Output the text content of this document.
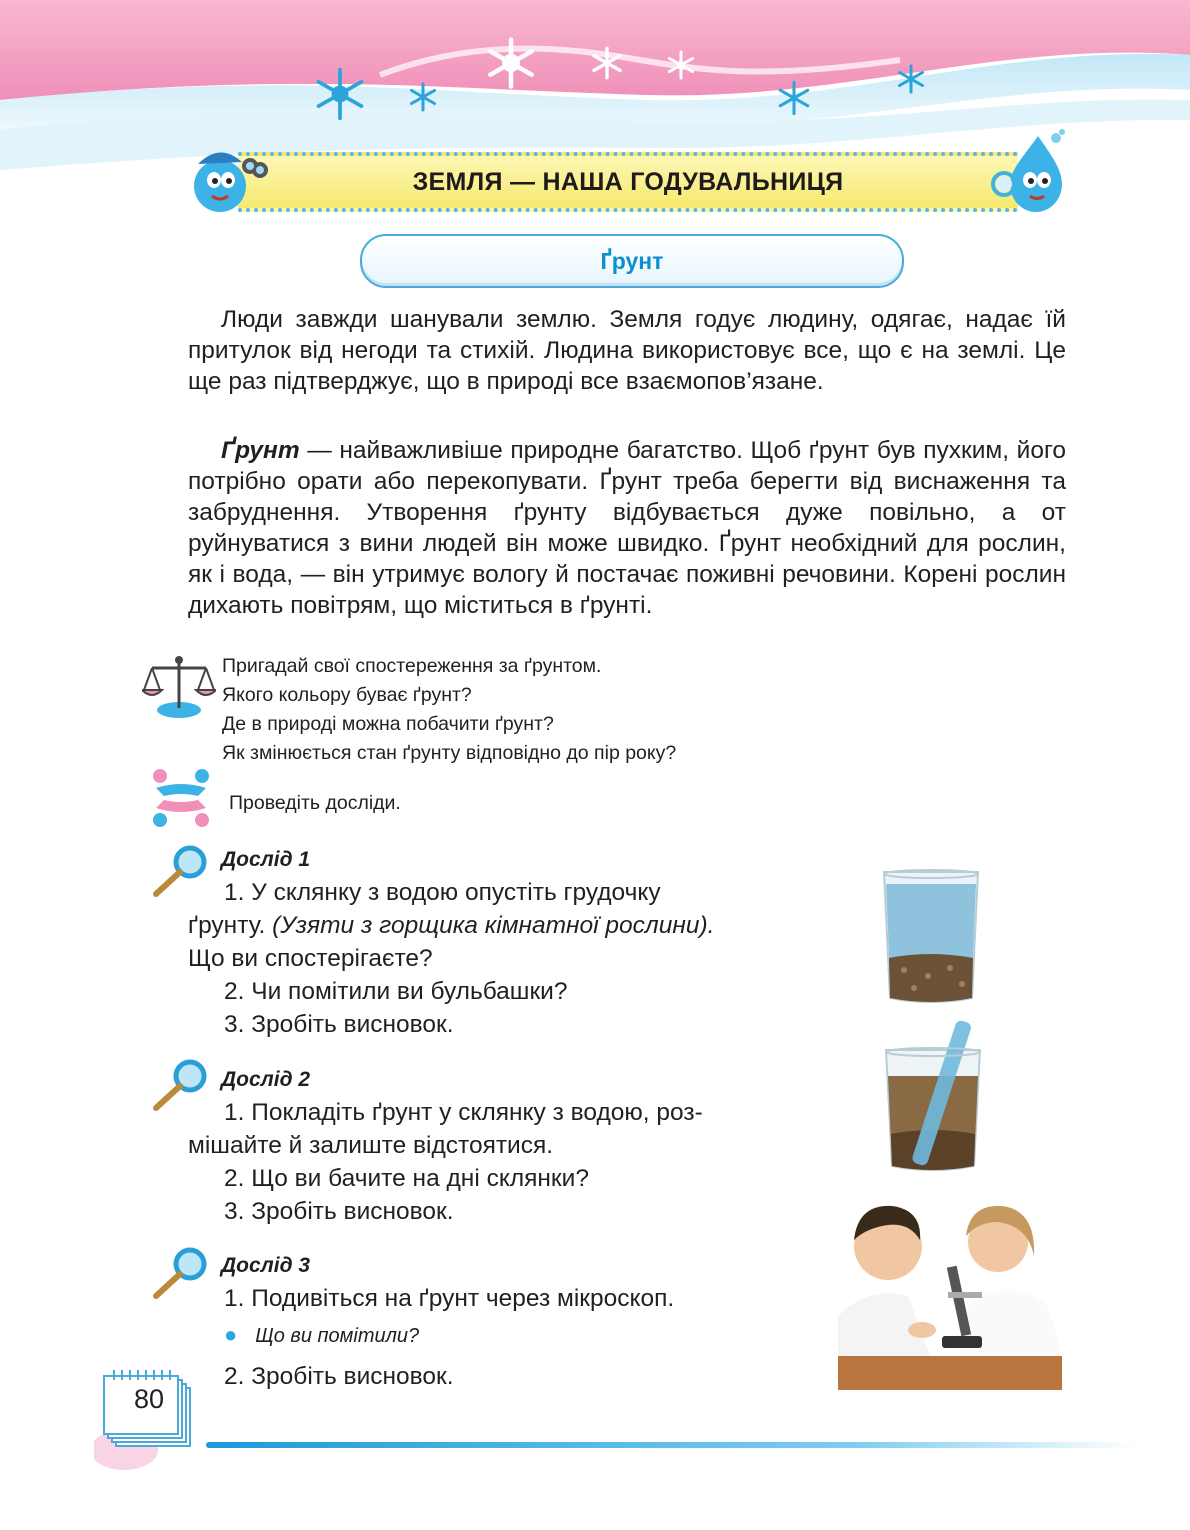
ЗЕМЛЯ — НАША ГОДУВАЛЬНИЦЯ
Ґрунт

Люди завжди шанували землю. Земля годує людину, одягає, надає їй притулок від негоди та стихій. Людина використовує все, що є на землі. Це ще раз підтверджує, що в природі все взаємопов’язане.

Ґрунт — найважливіше природне багатство. Щоб ґрунт був пухким, його потрібно орати або перекопувати. Ґрунт треба берегти від виснаження та забруднення. Утворення ґрунту відбувається дуже повільно, а от руйнуватися з вини людей він може швидко. Ґрунт необхідний для рослин, як і вода, — він утримує вологу й постачає поживні речовини. Корені рослин дихають повітрям, що міститься в ґрунті.

Пригадай свої спостереження за ґрунтом.
Якого кольору буває ґрунт?
Де в природі можна побачити ґрунт?
Як змінюється стан ґрунту відповідно до пір року?
Проведіть досліди.
Дослід 1
1. У склянку з водою опустіть грудочку
ґрунту. (Узяти з горщика кімнатної рослини).
Що ви спостерігаєте?
2. Чи помітили ви бульбашки?
3. Зробіть висновок.
Дослід 2
1. Покладіть ґрунт у склянку з водою, роз-
мішайте й залиште відстоятися.
2. Що ви бачите на дні склянки?
3. Зробіть висновок.
Дослід 3
1. Подивіться на ґрунт через мікроскоп.
● Що ви помітили?
2. Зробіть висновок.
80
